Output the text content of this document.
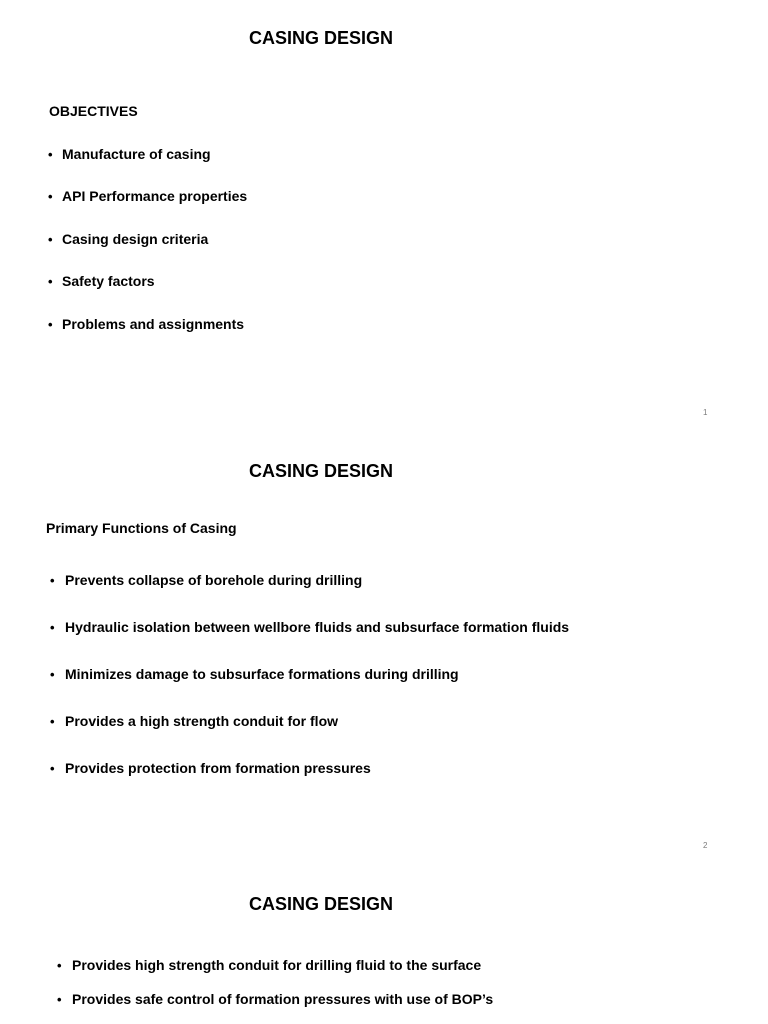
CASING DESIGN
OBJECTIVES
• Manufacture of casing
• API Performance properties
• Casing design criteria
• Safety factors
• Problems and assignments
1
CASING DESIGN
Primary Functions of Casing
• Prevents collapse of borehole during drilling
• Hydraulic isolation between wellbore fluids and subsurface formation fluids
• Minimizes damage to subsurface formations during drilling
• Provides a high strength conduit for flow
• Provides protection from formation pressures
2
CASING DESIGN
• Provides high strength conduit for drilling fluid to the surface
• Provides safe control of formation pressures with use of BOP’s
